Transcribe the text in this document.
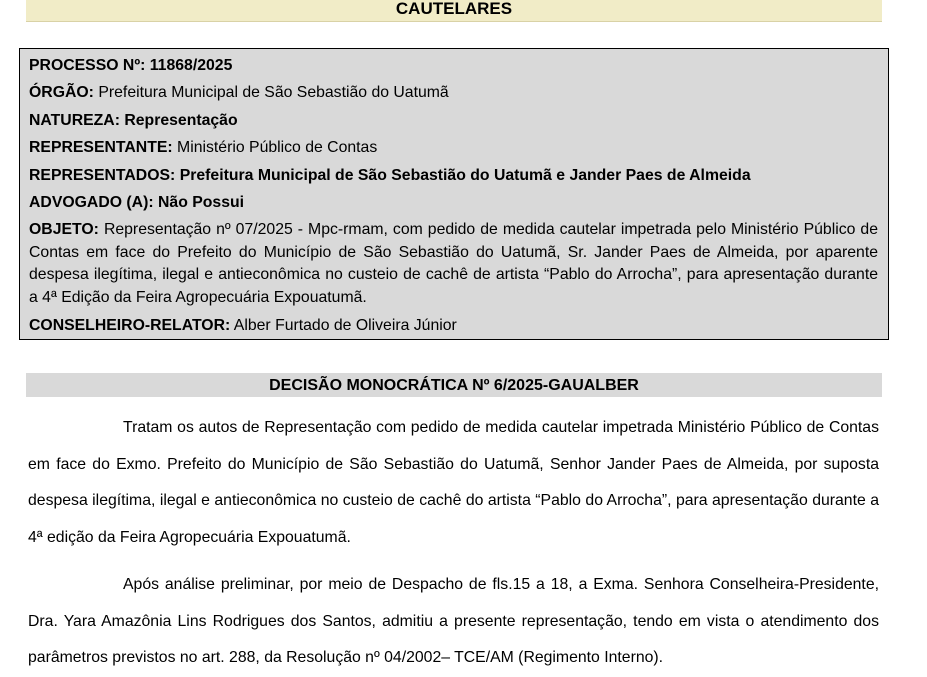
CAUTELARES
PROCESSO Nº: 11868/2025
ÓRGÃO: Prefeitura Municipal de São Sebastião do Uatumã
NATUREZA: Representação
REPRESENTANTE: Ministério Público de Contas
REPRESENTADOS: Prefeitura Municipal de São Sebastião do Uatumã e Jander Paes de Almeida
ADVOGADO (A): Não Possui
OBJETO: Representação nº 07/2025 - Mpc-rmam, com pedido de medida cautelar impetrada pelo Ministério Público de Contas em face do Prefeito do Município de São Sebastião do Uatumã, Sr. Jander Paes de Almeida, por aparente despesa ilegítima, ilegal e antieconômica no custeio de cachê de artista “Pablo do Arrocha”, para apresentação durante a 4ª Edição da Feira Agropecuária Expouatumã.
CONSELHEIRO-RELATOR: Alber Furtado de Oliveira Júnior
DECISÃO MONOCRÁTICA Nº 6/2025-GAUALBER

Tratam os autos de Representação com pedido de medida cautelar impetrada Ministério Público de Contas em face do Exmo. Prefeito do Município de São Sebastião do Uatumã, Senhor Jander Paes de Almeida, por suposta despesa ilegítima, ilegal e antieconômica no custeio de cachê do artista “Pablo do Arrocha”, para apresentação durante a 4ª edição da Feira Agropecuária Expouatumã.

Após análise preliminar, por meio de Despacho de fls.15 a 18, a Exma. Senhora Conselheira-Presidente, Dra. Yara Amazônia Lins Rodrigues dos Santos, admitiu a presente representação, tendo em vista o atendimento dos parâmetros previstos no art. 288, da Resolução nº 04/2002– TCE/AM (Regimento Interno).
